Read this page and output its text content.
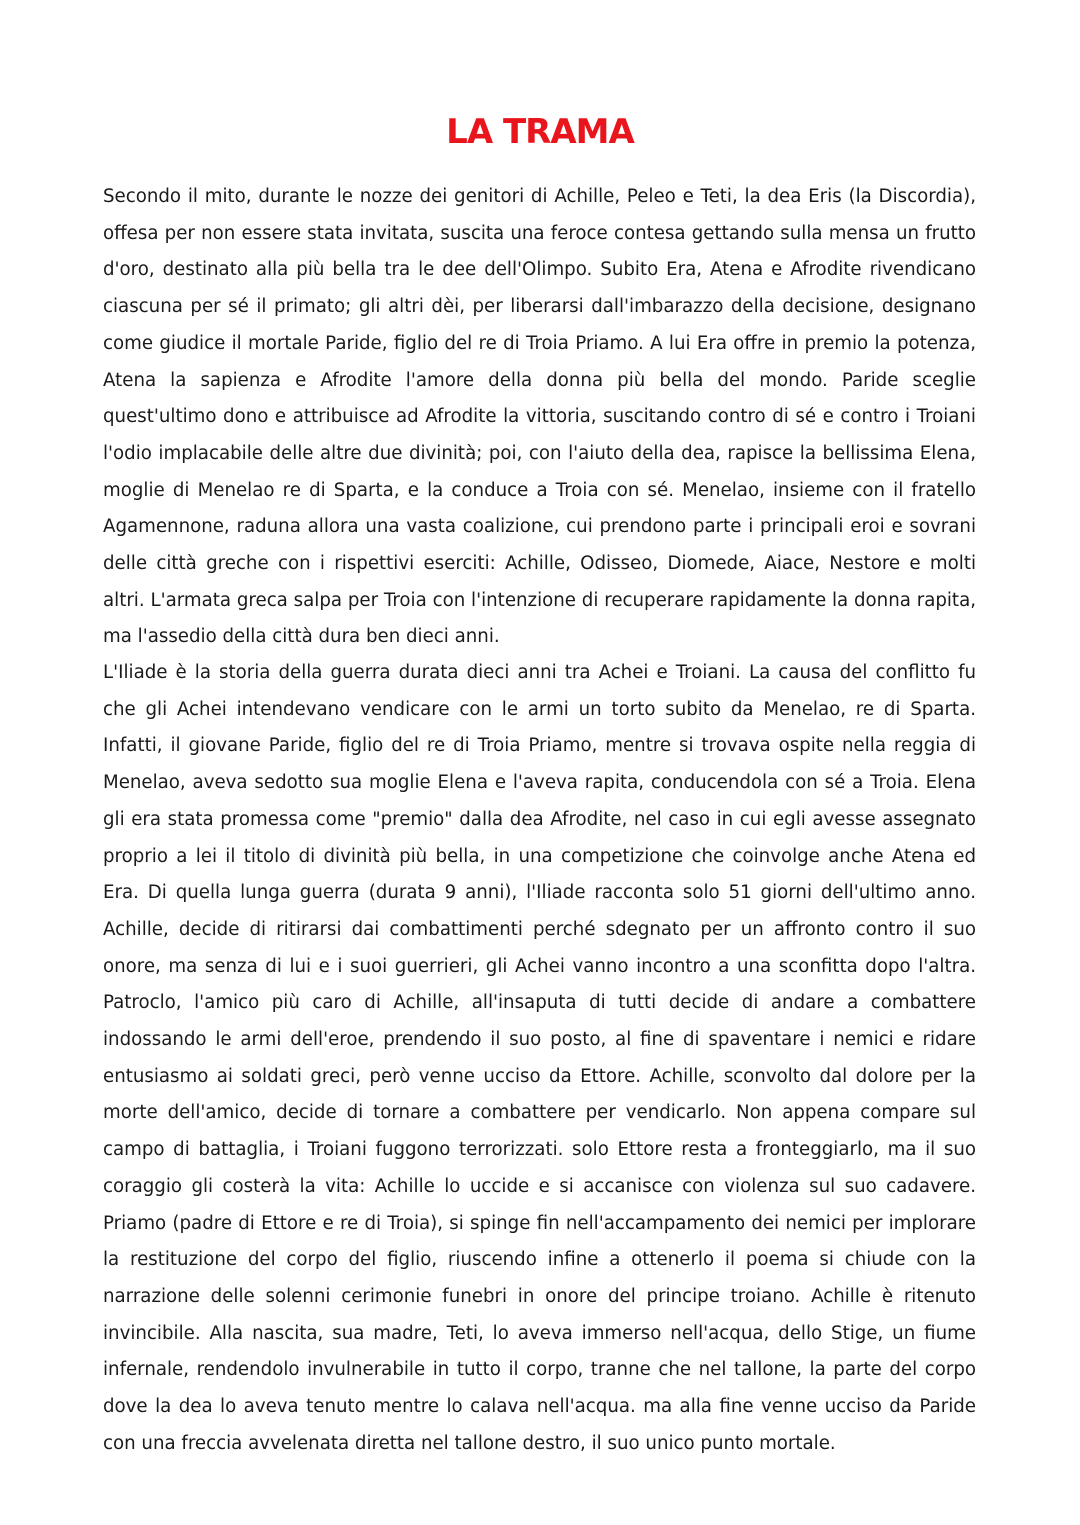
LA TRAMA

Secondo il mito, durante le nozze dei genitori di Achille, Peleo e Teti, la dea Eris (la Discordia), offesa per non essere stata invitata, suscita una feroce contesa gettando sulla mensa un frutto d'oro, destinato alla più bella tra le dee dell'Olimpo. Subito Era, Atena e Afrodite rivendicano ciascuna per sé il primato; gli altri dèi, per liberarsi dall'imbarazzo della decisione, designano come giudice il mortale Paride, figlio del re di Troia Priamo. A lui Era offre in premio la potenza, Atena la sapienza e Afrodite l'amore della donna più bella del mondo. Paride sceglie quest'ultimo dono e attribuisce ad Afrodite la vittoria, suscitando contro di sé e contro i Troiani l'odio implacabile delle altre due divinità; poi, con l'aiuto della dea, rapisce la bellissima Elena, moglie di Menelao re di Sparta, e la conduce a Troia con sé. Menelao, insieme con il fratello Agamennone, raduna allora una vasta coalizione, cui prendono parte i principali eroi e sovrani delle città greche con i rispettivi eserciti: Achille, Odisseo, Diomede, Aiace, Nestore e molti altri. L'armata greca salpa per Troia con l'intenzione di recuperare rapidamente la donna rapita, ma l'assedio della città dura ben dieci anni.

L'Iliade è la storia della guerra durata dieci anni tra Achei e Troiani. La causa del conflitto fu che gli Achei intendevano vendicare con le armi un torto subito da Menelao, re di Sparta. Infatti, il giovane Paride, figlio del re di Troia Priamo, mentre si trovava ospite nella reggia di Menelao, aveva sedotto sua moglie Elena e l'aveva rapita, conducendola con sé a Troia. Elena gli era stata promessa come "premio" dalla dea Afrodite, nel caso in cui egli avesse assegnato proprio a lei il titolo di divinità più bella, in una competizione che coinvolge anche Atena ed Era. Di quella lunga guerra (durata 9 anni), l'Iliade racconta solo 51 giorni dell'ultimo anno. Achille, decide di ritirarsi dai combattimenti perché sdegnato per un affronto contro il suo onore, ma senza di lui e i suoi guerrieri, gli Achei vanno incontro a una sconfitta dopo l'altra. Patroclo, l'amico più caro di Achille, all'insaputa di tutti decide di andare a combattere indossando le armi dell'eroe, prendendo il suo posto, al fine di spaventare i nemici e ridare entusiasmo ai soldati greci, però venne ucciso da Ettore. Achille, sconvolto dal dolore per la morte dell'amico, decide di tornare a combattere per vendicarlo. Non appena compare sul campo di battaglia, i Troiani fuggono terrorizzati. solo Ettore resta a fronteggiarlo, ma il suo coraggio gli costerà la vita: Achille lo uccide e si accanisce con violenza sul suo cadavere. Priamo (padre di Ettore e re di Troia), si spinge fin nell'accampamento dei nemici per implorare la restituzione del corpo del figlio, riuscendo infine a ottenerlo il poema si chiude con la narrazione delle solenni cerimonie funebri in onore del principe troiano. Achille è ritenuto invincibile. Alla nascita, sua madre, Teti, lo aveva immerso nell'acqua, dello Stige, un fiume infernale, rendendolo invulnerabile in tutto il corpo, tranne che nel tallone, la parte del corpo dove la dea lo aveva tenuto mentre lo calava nell'acqua. ma alla fine venne ucciso da Paride con una freccia avvelenata diretta nel tallone destro, il suo unico punto mortale.
